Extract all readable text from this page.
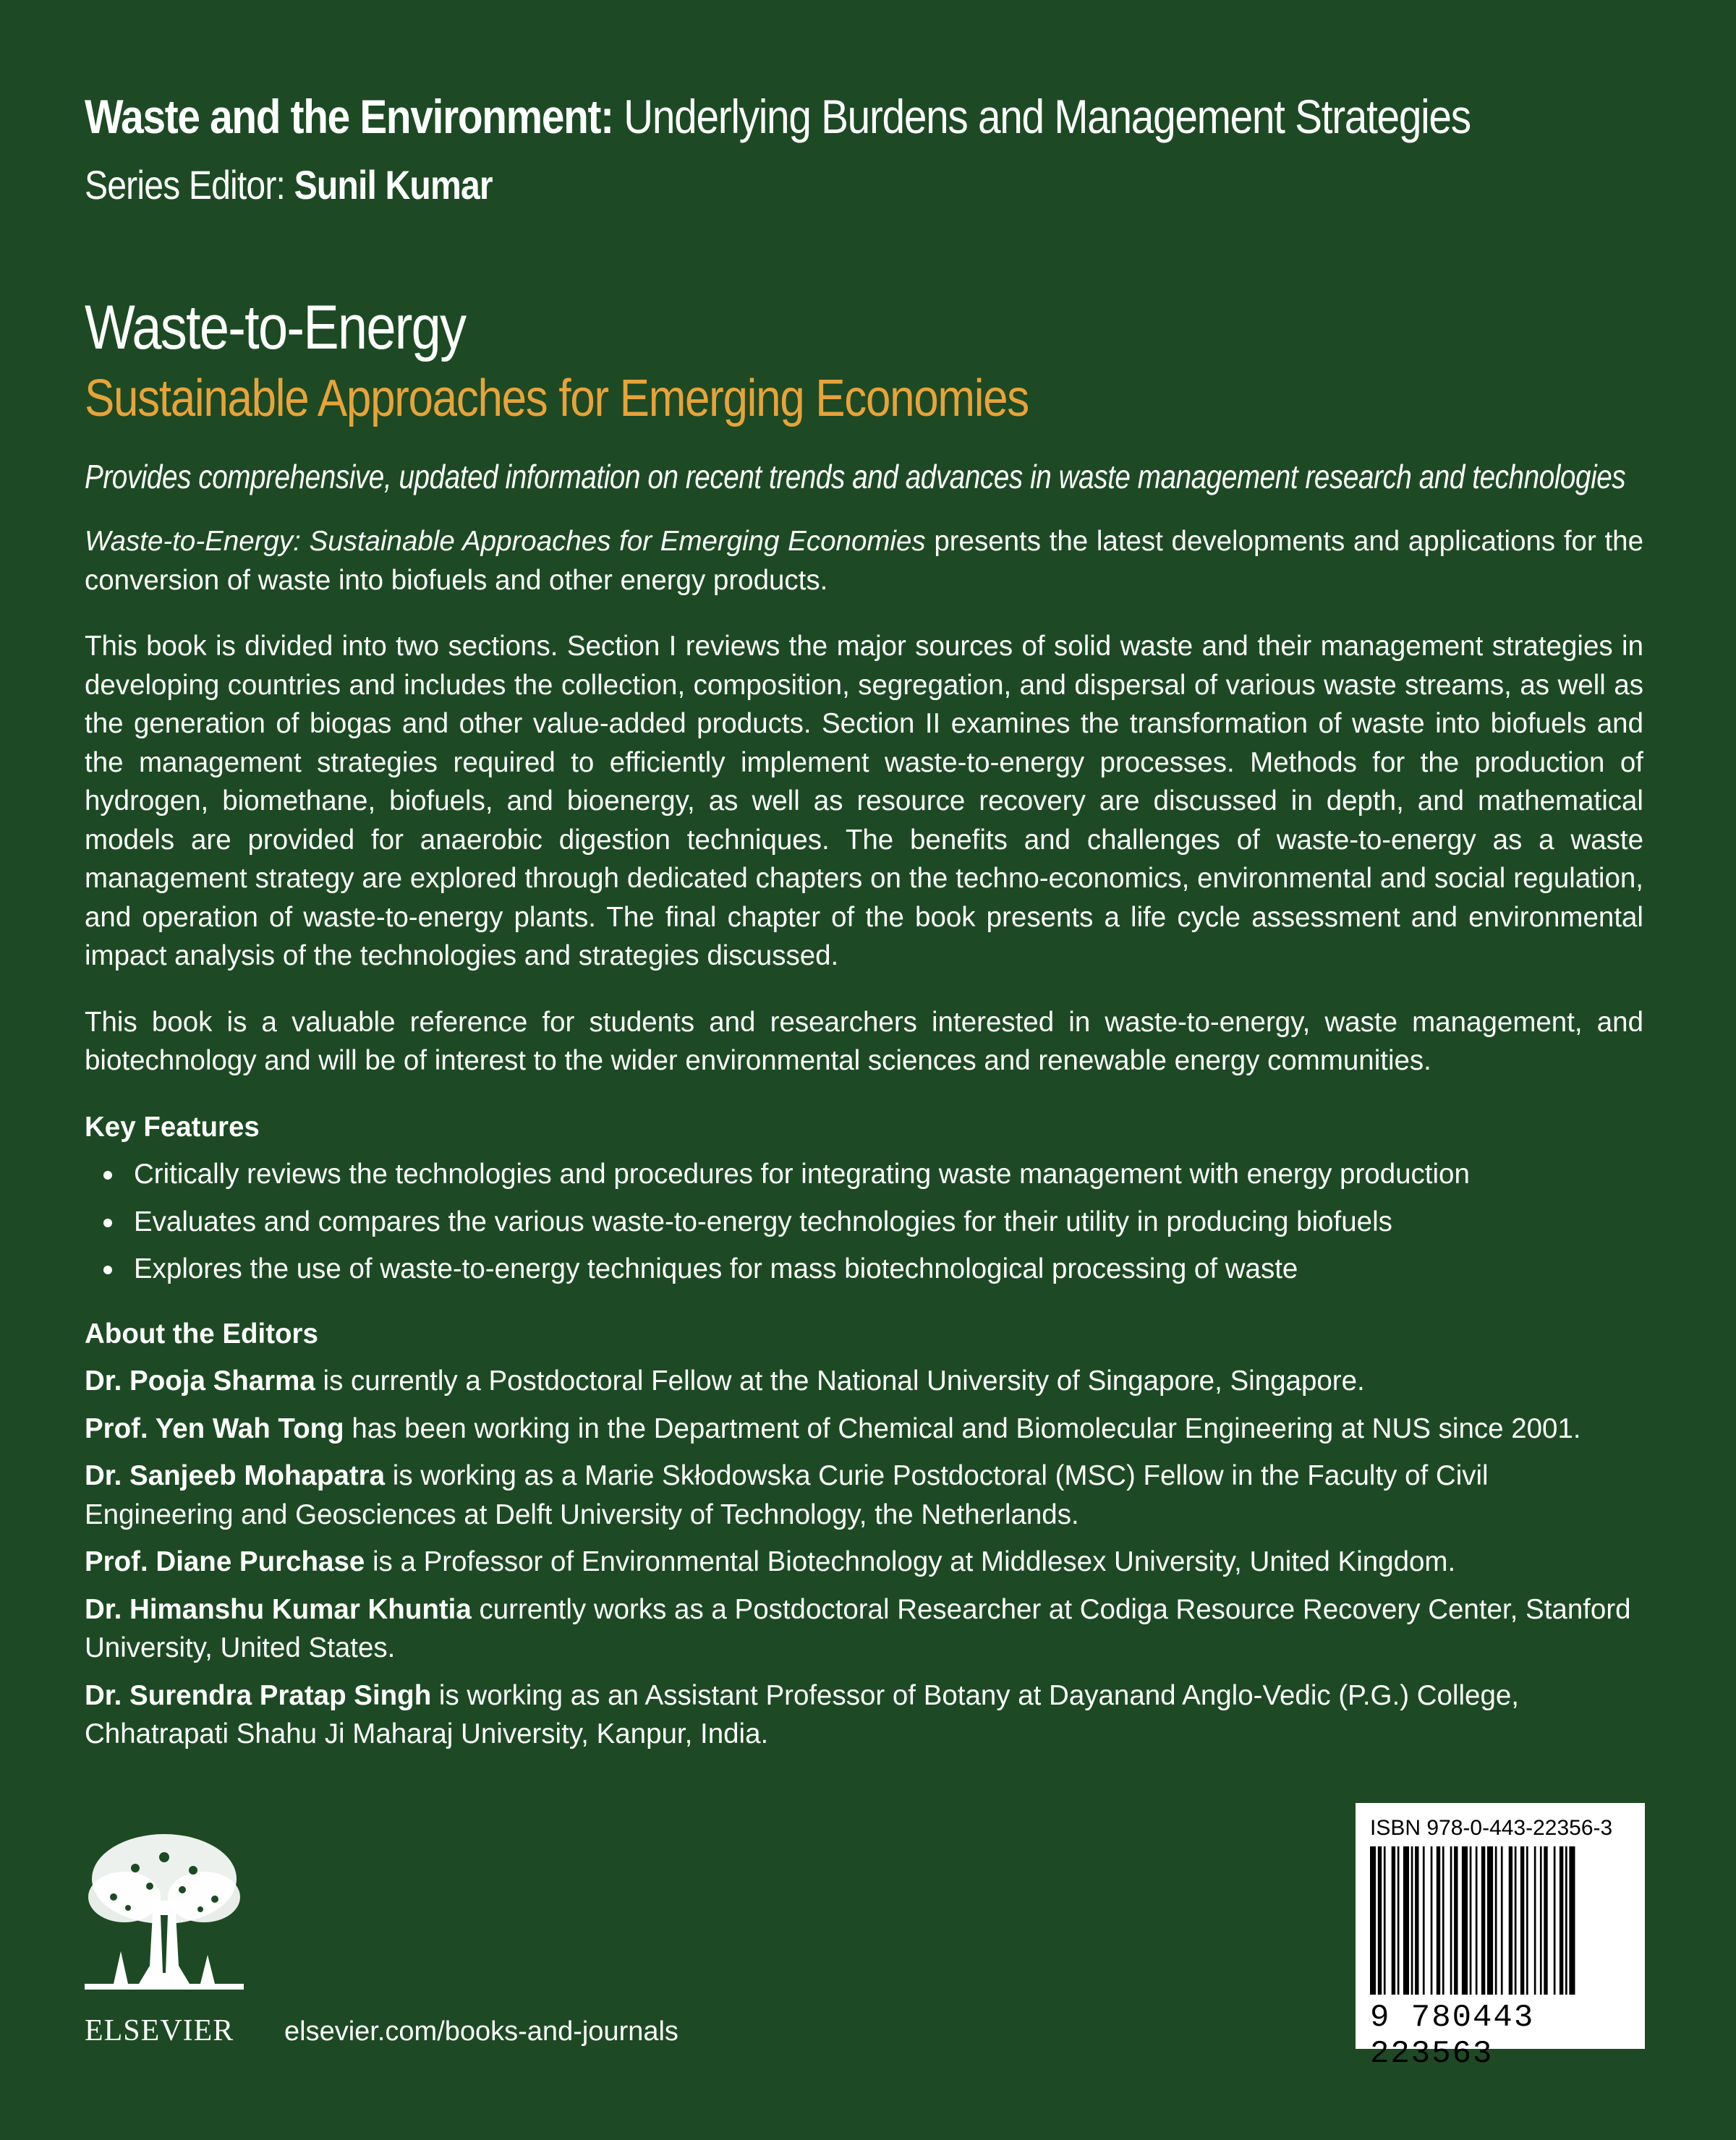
Waste and the Environment: Underlying Burdens and Management Strategies
Series Editor: Sunil Kumar
Waste-to-Energy
Sustainable Approaches for Emerging Economies
Provides comprehensive, updated information on recent trends and advances in waste management research and technologies

Waste-to-Energy: Sustainable Approaches for Emerging Economies presents the latest developments and applications for the conversion of waste into biofuels and other energy products.

This book is divided into two sections. Section I reviews the major sources of solid waste and their management strategies in developing countries and includes the collection, composition, segregation, and dispersal of various waste streams, as well as the generation of biogas and other value-added products. Section II examines the transformation of waste into biofuels and the management strategies required to efficiently implement waste-to-energy processes. Methods for the production of hydrogen, biomethane, biofuels, and bioenergy, as well as resource recovery are discussed in depth, and mathematical models are provided for anaerobic digestion techniques. The benefits and challenges of waste-to-energy as a waste management strategy are explored through dedicated chapters on the techno-economics, environmental and social regulation, and operation of waste-to-energy plants. The final chapter of the book presents a life cycle assessment and environmental impact analysis of the technologies and strategies discussed.

This book is a valuable reference for students and researchers interested in waste-to-energy, waste management, and biotechnology and will be of interest to the wider environmental sciences and renewable energy communities.

Key Features
Critically reviews the technologies and procedures for integrating waste management with energy production
Evaluates and compares the various waste-to-energy technologies for their utility in producing biofuels
Explores the use of waste-to-energy techniques for mass biotechnological processing of waste
About the Editors
Dr. Pooja Sharma is currently a Postdoctoral Fellow at the National University of Singapore, Singapore.
Prof. Yen Wah Tong has been working in the Department of Chemical and Biomolecular Engineering at NUS since 2001.
Dr. Sanjeeb Mohapatra is working as a Marie Skłodowska Curie Postdoctoral (MSC) Fellow in the Faculty of Civil Engineering and Geosciences at Delft University of Technology, the Netherlands.
Prof. Diane Purchase is a Professor of Environmental Biotechnology at Middlesex University, United Kingdom.
Dr. Himanshu Kumar Khuntia currently works as a Postdoctoral Researcher at Codiga Resource Recovery Center, Stanford University, United States.
Dr. Surendra Pratap Singh is working as an Assistant Professor of Botany at Dayanand Anglo-Vedic (P.G.) College, Chhatrapati Shahu Ji Maharaj University, Kanpur, India.
ELSEVIER elsevier.com/books-and-journals
ISBN 978-0-443-22356-3
9 780443 223563
